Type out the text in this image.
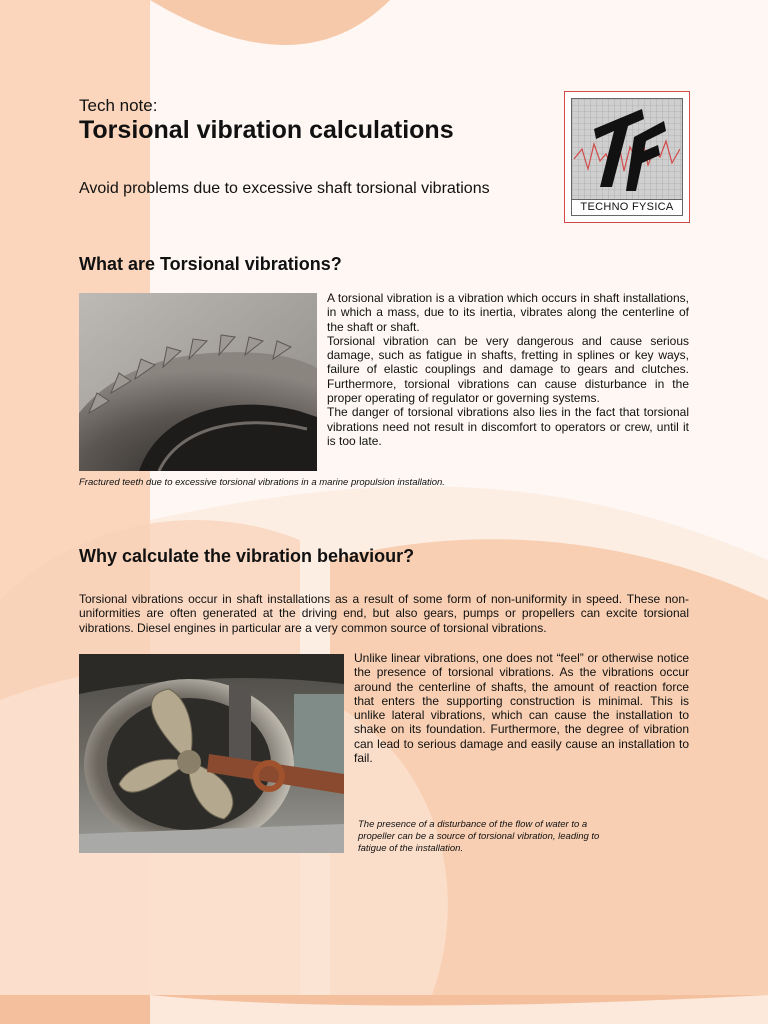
Tech note:
Torsional vibration calculations
Avoid problems due to excessive shaft torsional vibrations
TECHNO FYSICA
What are Torsional vibrations?

A torsional vibration is a vibration which occurs in shaft installations, in which a mass, due to its inertia, vibrates along the centerline of the shaft or shaft.
Torsional vibration can be very dangerous and cause serious damage, such as fatigue in shafts, fretting in splines or key ways, failure of elastic couplings and damage to gears and clutches. Furthermore, torsional vibrations can cause disturbance in the proper operating of regulator or governing systems.
The danger of torsional vibrations also lies in the fact that torsional vibrations need not result in discomfort to operators or crew, until it is too late.

Fractured teeth due to excessive torsional vibrations in a marine propulsion installation.

Why calculate the vibration behaviour?

Torsional vibrations occur in shaft installations as a result of some form of non-uniformity in speed. These non-uniformities are often generated at the driving end, but also gears, pumps or propellers can excite torsional vibrations. Diesel engines in particular are a very common source of torsional vibrations.

Unlike linear vibrations, one does not “feel” or otherwise notice the presence of torsional vibrations. As the vibrations occur around the centerline of shafts, the amount of reaction force that enters the supporting construction is minimal. This is unlike lateral vibrations, which can cause the installation to shake on its foundation. Furthermore, the degree of vibration can lead to serious damage and easily cause an installation to fail.

The presence of a disturbance of the flow of water to a propeller can be a source of torsional vibration, leading to fatigue of the installation.
